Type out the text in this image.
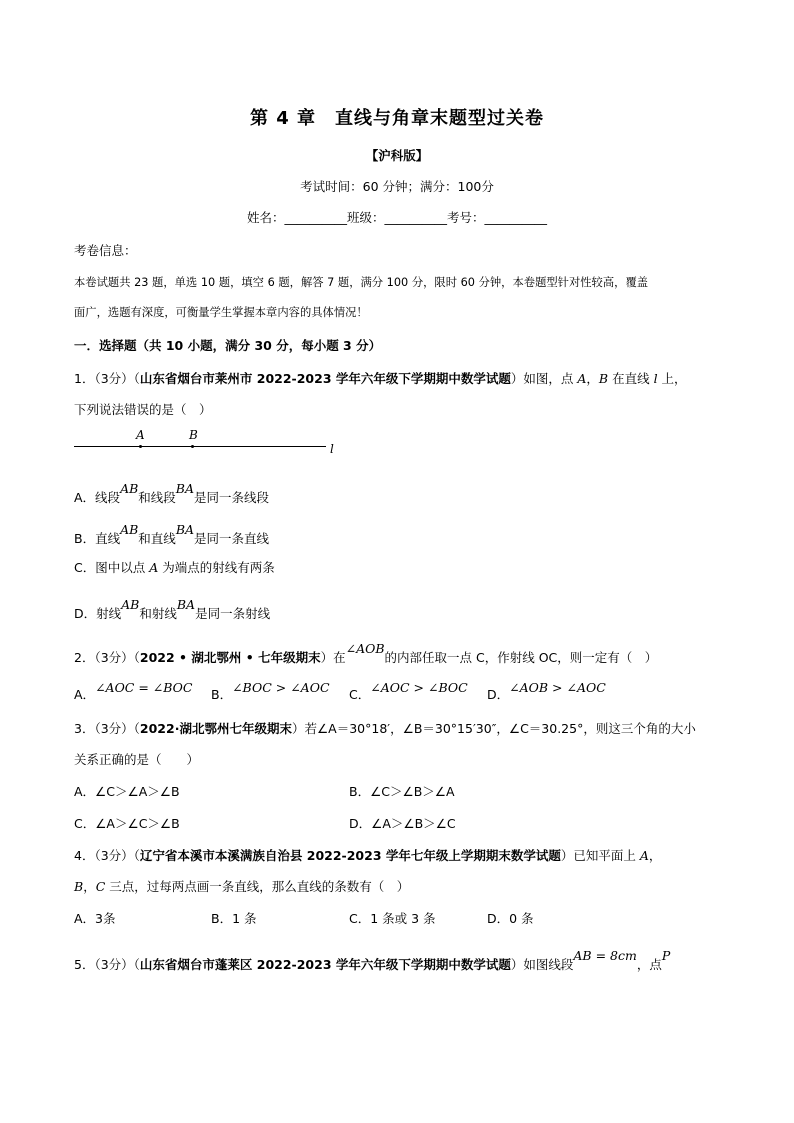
第 4 章　直线与角章末题型过关卷
【沪科版】
考试时间：60 分钟；满分：100分
姓名：__________班级：__________考号：__________
考卷信息：
本卷试题共 23 题，单选 10 题，填空 6 题，解答 7 题，满分 100 分，限时 60 分钟，本卷题型针对性较高，覆盖
面广，选题有深度，可衡量学生掌握本章内容的具体情况！
一．选择题（共 10 小题，满分 30 分，每小题 3 分）
1．（3分）（山东省烟台市莱州市 2022-2023 学年六年级下学期期中数学试题）如图，点 A，B 在直线 l 上，
下列说法错误的是（　）
A	B
l
A．线段AB和线段BA是同一条线段
B．直线AB和直线BA是同一条直线
C．图中以点 A 为端点的射线有两条
D．射线AB和射线BA是同一条射线
2．（3分）（2022 • 湖北鄂州 • 七年级期末）在∠AOB的内部任取一点 C，作射线 OC，则一定有（　）
A．∠AOC = ∠BOC B．∠BOC > ∠AOC C．∠AOC > ∠BOC D．∠AOB > ∠AOC
3．（3分）（2022·湖北鄂州七年级期末）若∠A＝30°18′，∠B＝30°15′30″，∠C＝30.25°，则这三个角的大小
关系正确的是（　　）
A．∠C＞∠A＞∠B	B．∠C＞∠B＞∠A
C．∠A＞∠C＞∠B	D．∠A＞∠B＞∠C
4．（3分）（辽宁省本溪市本溪满族自治县 2022-2023 学年七年级上学期期末数学试题）已知平面上 A，
B，C 三点，过每两点画一条直线，那么直线的条数有（　）
A．3条	B．1 条	C．1 条或 3 条	D．0 条
5．（3分）（山东省烟台市蓬莱区 2022-2023 学年六年级下学期期中数学试题）如图线段AB = 8cm，点P
